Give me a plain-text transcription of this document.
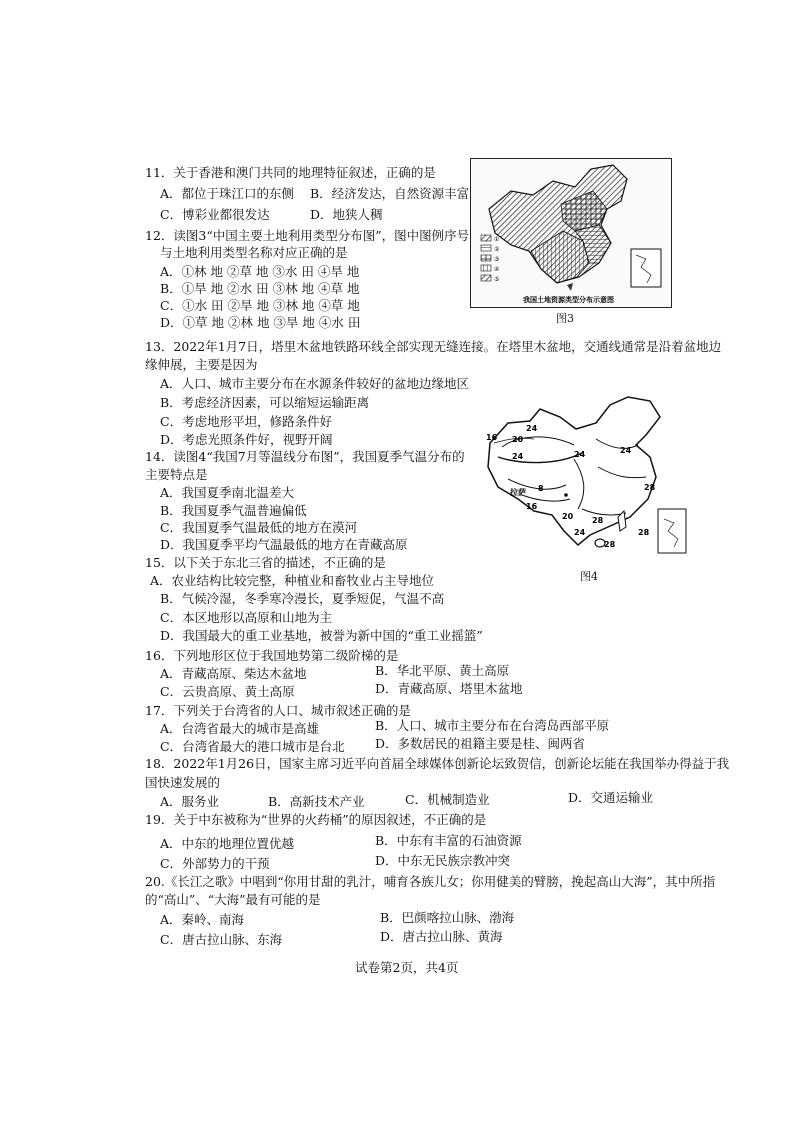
11．关于香港和澳门共同的地理特征叙述，正确的是
A．都位于珠江口的东侧 B．经济发达，自然资源丰富
C．博彩业都很发达	D．地狭人稠
12．读图3“中国主要土地利用类型分布图”，图中图例序号
与土地利用类型名称对应正确的是
A．①林 地 ②草 地 ③水 田 ④旱 地
B．①旱 地 ②水 田 ③林 地 ④草 地
C．①水 田 ②旱 地 ③林 地 ④草 地
D．①草 地 ②林 地 ③旱 地 ④水 田
①
②
③
④
⑤
我国土地资源类型分布示意图
图3
13．2022年1月7日，塔里木盆地铁路环线全部实现无缝连接。在塔里木盆地，交通线通常是沿着盆地边
缘伸展，主要是因为
A．人口、城市主要分布在水源条件较好的盆地边缘地区
B．考虑经济因素，可以缩短运输距离
C．考虑地形平坦，修路条件好
D．考虑光照条件好，视野开阔
14．读图4“我国7月等温线分布图”，我国夏季气温分布的
主要特点是
A．我国夏季南北温差大
B．我国夏季气温普遍偏低
C．我国夏季气温最低的地方在漠河
D．我国夏季平均气温最低的地方在青藏高原
16 20
24
24	24	24
8
拉萨
16
20
28
28
28
24
28
图4
15．以下关于东北三省的描述，不正确的是
A．农业结构比较完整，种植业和畜牧业占主导地位
B．气候冷湿，冬季寒冷漫长，夏季短促，气温不高
C．本区地形以高原和山地为主
D．我国最大的重工业基地，被誉为新中国的“重工业摇篮”
16．下列地形区位于我国地势第二级阶梯的是
A．青藏高原、柴达木盆地	B．华北平原、黄土高原
C．云贵高原、黄土高原	D．青藏高原、塔里木盆地
17．下列关于台湾省的人口、城市叙述正确的是
A．台湾省最大的城市是高雄	B．人口、城市主要分布在台湾岛西部平原
C．台湾省最大的港口城市是台北 D．多数居民的祖籍主要是桂、闽两省
18．2022年1月26日，国家主席习近平向首届全球媒体创新论坛致贺信，创新论坛能在我国举办得益于我
国快速发展的
A．服务业	B．高新技术产业	C．机械制造业	D．交通运输业
19．关于中东被称为“世界的火药桶”的原因叙述，不正确的是
A．中东的地理位置优越	B．中东有丰富的石油资源
C．外部势力的干预	D．中东无民族宗教冲突
20.《长江之歌》中唱到“你用甘甜的乳汁，哺育各族儿女；你用健美的臂膀，挽起高山大海”，其中所指
的“高山”、“大海”最有可能的是
A．秦岭、南海	B．巴颜喀拉山脉、渤海
C．唐古拉山脉、东海	D．唐古拉山脉、黄海
试卷第2页，共4页
